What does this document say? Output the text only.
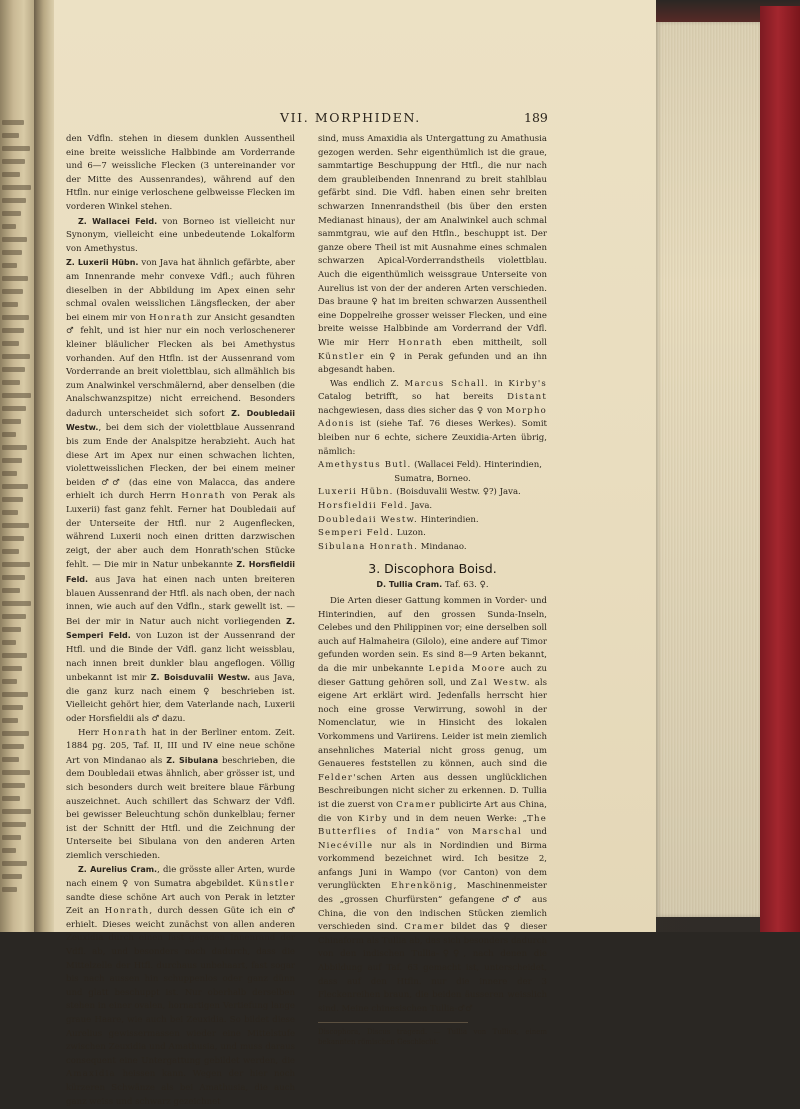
VII. MORPHIDEN.	189

den Vdfln. stehen in diesem dunklen Aussentheil eine breite weissliche Halbbinde am Vorderrande und 6—7 weissliche Flecken (3 untereinander vor der Mitte des Aussenrandes), während auf den Htfln. nur einige verloschene gelbweisse Flecken im vorderen Winkel stehen.

Z. Wallacei Feld. von Borneo ist vielleicht nur Synonym, vielleicht eine unbedeutende Lokalform von Amethystus.

Z. Luxerii Hübn. von Java hat ähnlich gefärbte, aber am Innenrande mehr convexe Vdfl.; auch führen dieselben in der Abbildung im Apex einen sehr schmal ovalen weisslichen Längsflecken, der aber bei einem mir von Honrath zur Ansicht gesandten ♂ fehlt, und ist hier nur ein noch verloschenerer kleiner bläulicher Flecken als bei Amethystus vorhanden. Auf den Htfln. ist der Aussenrand vom Vorderrande an breit violettblau, sich allmählich bis zum Analwinkel verschmälernd, aber denselben (die Analschwanzspitze) nicht erreichend. Besonders dadurch unterscheidet sich sofort Z. Doubledaii Westw., bei dem sich der violettblaue Aussenrand bis zum Ende der Analspitze herabzieht. Auch hat diese Art im Apex nur einen schwachen lichten, violettweisslichen Flecken, der bei einem meiner beiden ♂♂ (das eine von Malacca, das andere erhielt ich durch Herrn Honrath von Perak als Luxerii) fast ganz fehlt. Ferner hat Doubledaii auf der Unterseite der Htfl. nur 2 Augenflecken, während Luxerii noch einen dritten darzwischen zeigt, der aber auch dem Honrath'schen Stücke fehlt. — Die mir in Natur unbekannte Z. Horsfieldii Feld. aus Java hat einen nach unten breiteren blauen Aussenrand der Htfl. als nach oben, der nach innen, wie auch auf den Vdfln., stark gewellt ist. — Bei der mir in Natur auch nicht vorliegenden Z. Semperi Feld. von Luzon ist der Aussenrand der Htfl. und die Binde der Vdfl. ganz licht weissblau, nach innen breit dunkler blau angeflogen. Völlig unbekannt ist mir Z. Boisduvalii Westw. aus Java, die ganz kurz nach einem ♀ beschrieben ist. Vielleicht gehört hier, dem Vaterlande nach, Luxerii oder Horsfieldii als ♂ dazu.

Herr Honrath hat in der Berliner entom. Zeit. 1884 pg. 205, Taf. II, III und IV eine neue schöne Art von Mindanao als Z. Sibulana beschrieben, die dem Doubledaii etwas ähnlich, aber grösser ist, und sich besonders durch weit breitere blaue Färbung auszeichnet. Auch schillert das Schwarz der Vdfl. bei gewisser Beleuchtung schön dunkelblau; ferner ist der Schnitt der Htfl. und die Zeichnung der Unterseite bei Sibulana von den anderen Arten ziemlich verschieden.

Z. Aurelius Cram., die grösste aller Arten, wurde nach einem ♀ von Sumatra abgebildet. Künstler sandte diese schöne Art auch von Perak in letzter Zeit an Honrath, durch dessen Güte ich ein ♂ erhielt. Dieses weicht zunächst von allen anderen Zeuxidia durch einen fast geraden Innenrand der Vdfl. ab, und besonders noch dadurch, dass die Mittelzelle der Htfl. durchaus unbehaart, fast sogar bis nach aussen hin schuppenlos oder ganz dünn und glatt beschuppt ist. Nur oberhalb derselben stehen in einer ovalen, hornartigen Vertiefung lange graue Haare, wie auch bei Zeuxidia. So bildet diese Aurelius gewissermassen wieder eine Mittelstufe zwischen Zeuxidia und Amathusia, und muss daraus consequent eine Untergattung gebildet werden, die Amaxidia heissen kann. Wegen der hier noch kürzeren Schwänze als bei Amathusia, die auch ganz weiss und schwarz gezeichnet

sind, muss Amaxidia als Untergattung zu Amathusia gezogen werden. Sehr eigenthümlich ist die graue, sammtartige Beschuppung der Htfl., die nur nach dem graubleibenden Innenrand zu breit stahlblau gefärbt sind. Die Vdfl. haben einen sehr breiten schwarzen Innenrandstheil (bis über den ersten Medianast hinaus), der am Analwinkel auch schmal sammtgrau, wie auf den Htfln., beschuppt ist. Der ganze obere Theil ist mit Ausnahme eines schmalen schwarzen Apical-Vorderrandstheils violettblau. Auch die eigenthümlich weissgraue Unterseite von Aurelius ist von der der anderen Arten verschieden. Das braune ♀ hat im breiten schwarzen Aussentheil eine Doppelreihe grosser weisser Flecken, und eine breite weisse Halbbinde am Vorderrand der Vdfl. Wie mir Herr Honrath eben mittheilt, soll Künstler ein ♀ in Perak gefunden und an ihn abgesandt haben.

Was endlich Z. Marcus Schall. in Kirby's Catalog betrifft, so hat bereits Distant nachgewiesen, dass dies sicher das ♀ von Morpho Adonis ist (siehe Taf. 76 dieses Werkes). Somit bleiben nur 6 echte, sichere Zeuxidia-Arten übrig, nämlich:

Amethystus Butl. (Wallacei Feld). Hinterindien,
Sumatra, Borneo.
Luxerii Hübn. (Boisduvalii Westw. ♀?) Java.
Horsfieldii Feld. Java.
Doubledaii Westw. Hinterindien.
Semperi Feld. Luzon.
Sibulana Honrath. Mindanao.
3. Discophora Boisd.
D. Tullia Cram. Taf. 63. ♀.

Die Arten dieser Gattung kommen in Vorder- und Hinterindien, auf den grossen Sunda-Inseln, Celebes und den Philippinen vor; eine derselben soll auch auf Halmaheira (Gilolo), eine andere auf Timor gefunden worden sein. Es sind 8—9 Arten bekannt, da die mir unbekannte Lepida Moore auch zu dieser Gattung gehören soll, und Zal Westw. als eigene Art erklärt wird. Jedenfalls herrscht hier noch eine grosse Verwirrung, sowohl in der Nomenclatur, wie in Hinsicht des lokalen Vorkommens und Variirens. Leider ist mein ziemlich ansehnliches Material nicht gross genug, um Genaueres feststellen zu können, auch sind die Felder'schen Arten aus dessen unglücklichen Beschreibungen nicht sicher zu erkennen. D. Tullia ist die zuerst von Cramer publicirte Art aus China, die von Kirby und in dem neuen Werke: „The Butterflies of India“ von Marschal und Niecéville nur als in Nordindien und Birma vorkommend bezeichnet wird. Ich besitze 2, anfangs Juni in Wampo (vor Canton) von dem verunglückten Ehrenkönig, Maschinenmeister des „grossen Churfürsten“ gefangene ♂♂ aus China, die von den indischen Stücken ziemlich verschieden sind. Cramer bildet das ♀ dieser Chinaform als Tullia ab, das sich besonders dadurch von den indischen Tullia-♀♀, nach denen die Abbildung auf Taf. 63 gemacht ist, unterscheidet, dass auf den Htfln. nur die innere der 3 Fleckenreihen braun, die beiden äusseren weisslich sind. Meine chinesischen Tullia-♂♂

Discophora, Discus tragend. — Tullia von Tullius, einem bekannten römischen Geschlecht.
